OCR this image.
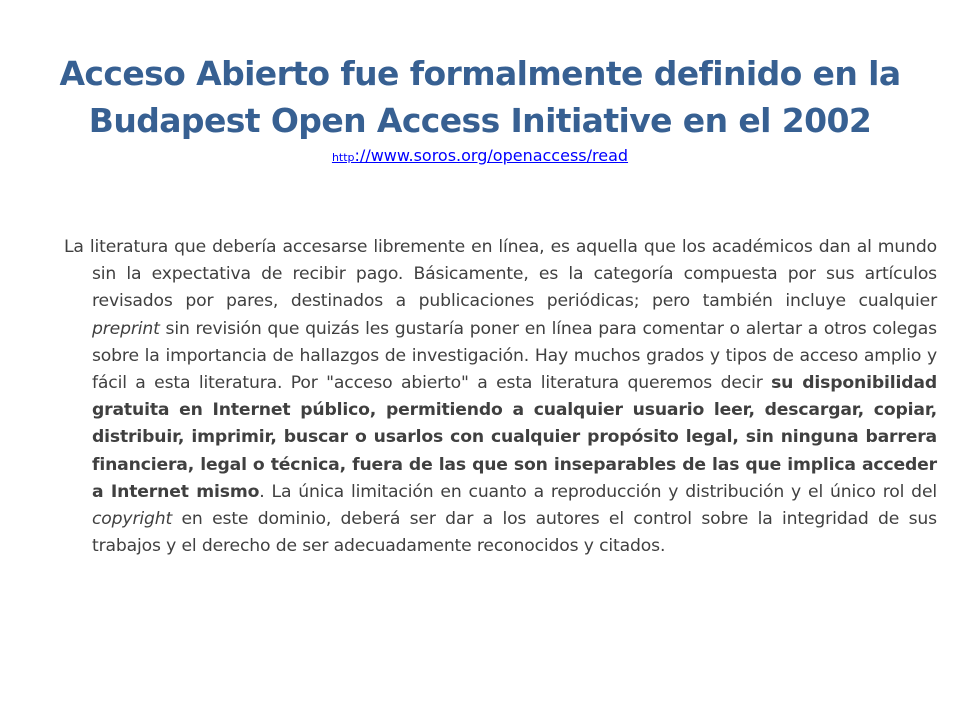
Acceso Abierto fue formalmente definido en la Budapest Open Access Initiative en el 2002
http://www.soros.org/openaccess/read

La literatura que debería accesarse libremente en línea, es aquella que los académicos dan al mundo sin la expectativa de recibir pago. Básicamente, es la categoría compuesta por sus artículos revisados por pares, destinados a publicaciones periódicas; pero también incluye cualquier preprint sin revisión que quizás les gustaría poner en línea para comentar o alertar a otros colegas sobre la importancia de hallazgos de investigación. Hay muchos grados y tipos de acceso amplio y fácil a esta literatura. Por "acceso abierto" a esta literatura queremos decir su disponibilidad gratuita en Internet público, permitiendo a cualquier usuario leer, descargar, copiar, distribuir, imprimir, buscar o usarlos con cualquier propósito legal, sin ninguna barrera financiera, legal o técnica, fuera de las que son inseparables de las que implica acceder a Internet mismo. La única limitación en cuanto a reproducción y distribución y el único rol del copyright en este dominio, deberá ser dar a los autores el control sobre la integridad de sus trabajos y el derecho de ser adecuadamente reconocidos y citados.
